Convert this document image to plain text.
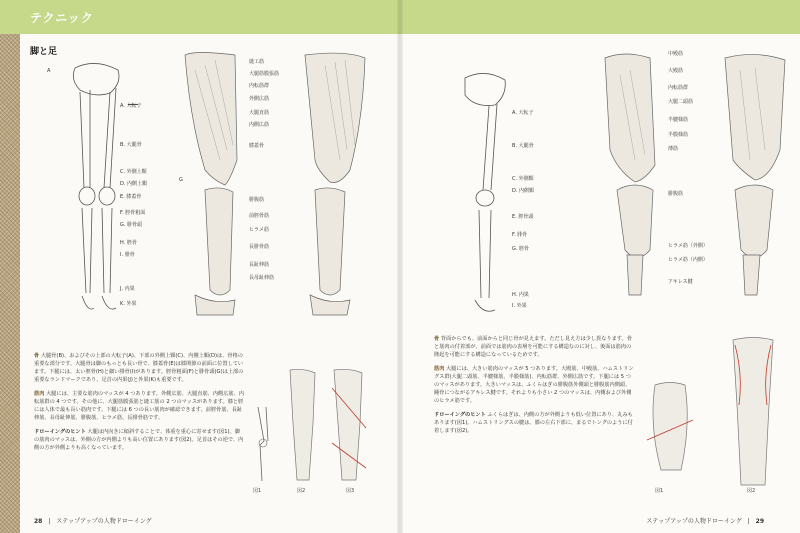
テクニック
脚と足
A
A. 大転子
B. 大腿骨
C. 外側上顆
D. 内側上顆
E. 膝蓋骨
F. 脛骨粗面
G. 腓骨頭
H. 脛骨
I. 腓骨
J. 内果
K. 外果
G
縫工筋
大腿筋膜張筋
内転筋群
外側広筋
大腿直筋
内側広筋
膝蓋骨
腓腹筋
前脛骨筋
ヒラメ筋
長腓骨筋
長趾伸筋
長母趾伸筋

骨 大腿骨(B)、およびその上部の大転子(A)、下部の外側上顆(C)、内側上顆(D)は、骨格の重要な部分です。大腿骨は脚のもっとも長い骨で、膝蓋骨(E)は膝関節の前面に位置しています。下腿には、太い脛骨(H)と細い腓骨(I)があります。脛骨粗面(F)と腓骨頭(G)は上部の重要なランドマークであり、足首の内果(J)と外果(K)も重要です。

筋肉 大腿には、主要な筋肉のマッスが 4 つあります。外側広筋、大腿直筋、内側広筋、内転筋群の 4 つです。その他に、大腿筋膜張筋と縫工筋の 2 つのマッスがあります。膝と脛には人体で最も長い筋肉です。下腿には 6 つの長い筋肉が確認できます。前脛骨筋、長趾伸筋、長母趾伸筋、腓腹筋、ヒラメ筋、長腓骨筋です。

ドローイングのヒント 大腿は内向きに傾斜することで、体重を重心に寄せます(図1)。脚の筋肉のマッスは、外側の方が内側よりも高い位置にあります(図2)。足首はその逆で、内側の方が外側よりも高くなっています。

図1	図2	図3
28 | ステップアップの人物ドローイング
A. 大転子
B. 大腿骨
C. 外側顆
D. 内側顆
E. 脛骨頭
F. 腓骨
G. 脛骨
H. 内果
I. 外果
中殿筋
大殿筋
内転筋群
大腿二頭筋
半腱様筋
半膜様筋
薄筋
腓腹筋
ヒラメ筋（外側）
ヒラメ筋（内側）
アキレス腱

骨 背面からでも、前面からと同じ骨が見えます。ただし見え方は少し異なります。骨と筋肉の付着部が、前面では筋肉の表層を可能にする構造なのに対し、後面は筋肉の隆起を可能にする構造になっているためです。

筋肉 大腿には、大きい筋肉のマッスが 5 つあります。大殿筋、中殿筋、ハムストリングス群(大腿二頭筋、半腱様筋、半膜様筋)、内転筋群、外側広筋です。下腿には 5 つのマッスがあります。大きいマッスは、ふくらはぎの腓腹筋外側頭と腓腹筋内側頭、踵骨につながるアキレス腱です。それよりも小さい 2 つのマッスは、内側および外側のヒラメ筋です。

ドローイングのヒント ふくらはぎは、内側の方が外側よりも低い位置にあり、丸みもあります(図1)。ハムストリングスの腱は、膝の左右下部に、まるでトングのように付着します(図2)。

図1	図2
ステップアップの人物ドローイング | 29
